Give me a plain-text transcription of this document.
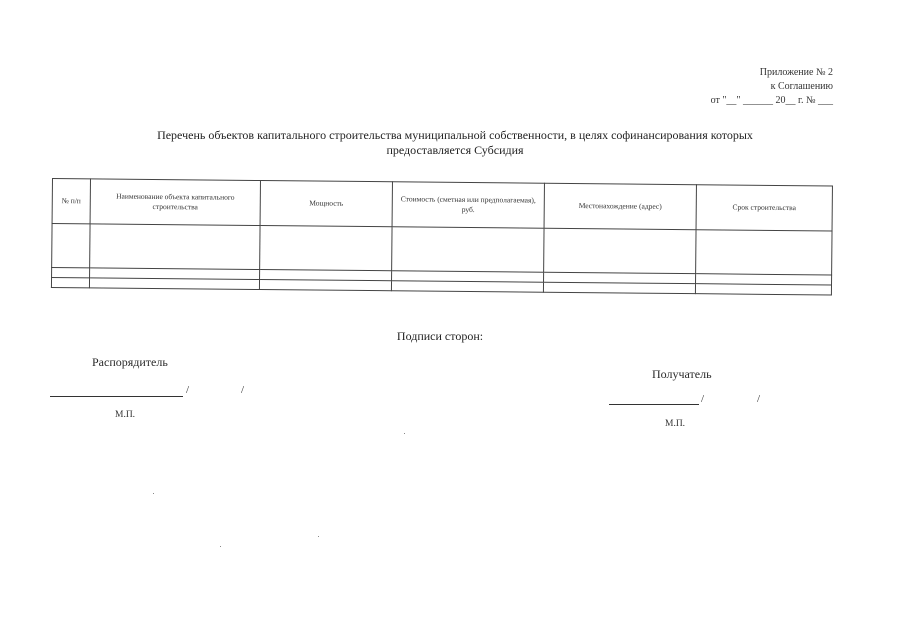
Приложение № 2
к Соглашению
от "__" ______ 20__ г. № ___
Перечень объектов капитального строительства муниципальной собственности, в целях софинансирования которых
предоставляется Субсидия
№ п/п	Наименование объекта капитального строительства	Мощность	Стоимость (сметная или предполагаемая), руб.	Местонахождение (адрес)	Срок строительства

Подписи сторон:
Распорядитель
/	/
М.П.
Получатель
/	/
М.П.
